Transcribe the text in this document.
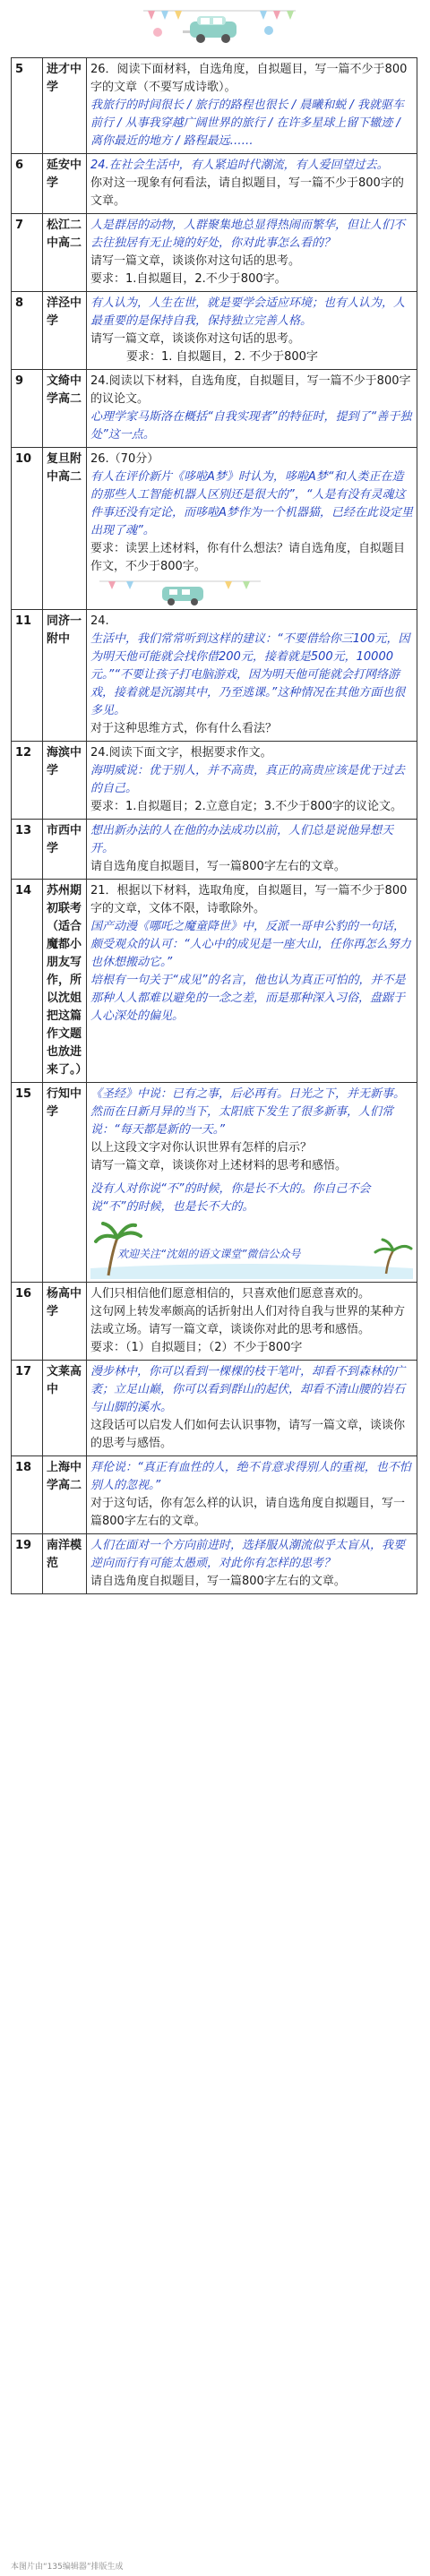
5	进才中学	26．阅读下面材料，自选角度，自拟题目，写一篇不少于800字的文章（不要写成诗歌）。

我旅行的时间很长 / 旅行的路程也很长 / 晨曦和蜕 / 我就驱车前行 / 从事我穿越广阔世界的旅行 / 在许多星球上留下辙迹 / 离你最近的地方 / 路程最远……

6	延安中学	24.在社会生活中，有人紧追时代潮流，有人爱回望过去。

你对这一现象有何看法，请自拟题目，写一篇不少于800字的文章。

7	松江二中高二	人是群居的动物，人群聚集地总显得热闹而繁华，但让人们不去往独居有无止境的好处，你对此事怎么看的？

请写一篇文章，谈谈你对这句话的思考。

要求：1.自拟题目，2.不少于800字。

8	洋泾中学	有人认为，人生在世，就是要学会适应环境；也有人认为，人最重要的是保持自我，保持独立完善人格。

请写一篇文章，谈谈你对这句话的思考。

要求：1. 自拟题目，2. 不少于800字

9	文绮中学高二	24.阅读以下材料，自选角度，自拟题目，写一篇不少于800字的议论文。

心理学家马斯洛在概括“自我实现者”的特征时，提到了“善于独处”这一点。

10	复旦附中高二	26.（70分）

有人在评价新片《哆啦A梦》时认为，哆啦A梦“和人类正在造的那些人工智能机器人区别还是很大的”，“人是有没有灵魂这件事还没有定论，而哆啦A梦作为一个机器猫，已经在此设定里出现了魂”。

要求：读罢上述材料，你有什么想法？请自选角度，自拟题目作文，不少于800字。

11	同济一附中	24.

生活中，我们常常听到这样的建议：“不要借给你三100元，因为明天他可能就会找你借200元，接着就是500元，10000元。”“不要让孩子打电脑游戏，因为明天他可能就会打网络游戏，接着就是沉溺其中，乃至逃课。”这种情况在其他方面也很多见。

对于这种思维方式，你有什么看法？

12	海滨中学	24.阅读下面文字，根据要求作文。

海明威说：优于别人，并不高贵，真正的高贵应该是优于过去的自己。

要求：1.自拟题目；2.立意自定；3.不少于800字的议论文。

13	市西中学	想出新办法的人在他的办法成功以前，人们总是说他异想天开。

请自选角度自拟题目，写一篇800字左右的文章。

14	苏州期初联考（适合魔都小朋友写作，所以沈姐把这篇作文题也放进来了。）	21．根据以下材料，选取角度，自拟题目，写一篇不少于800字的文章，文体不限，诗歌除外。

国产动漫《哪吒之魔童降世》中，反派一哥申公豹的一句话，颇受观众的认可：“人心中的成见是一座大山，任你再怎么努力也休想搬动它。”

培根有一句关于“成见”的名言，他也认为真正可怕的，并不是那种人人都难以避免的一念之差，而是那种深入习俗，盘踞于人心深处的偏见。

15	行知中学	《圣经》中说：已有之事，后必再有。日光之下，并无新事。然而在日新月异的当下，太阳底下发生了很多新事，人们常说：“每天都是新的一天。”

以上这段文字对你认识世界有怎样的启示？

请写一篇文章，谈谈你对上述材料的思考和感悟。

没有人对你说“不”的时候，你是长不大的。你自己不会说“不”的时候，也是长不大的。

欢迎关注“沈姐的语文课堂”微信公众号

16	杨高中学	人们只相信他们愿意相信的，只喜欢他们愿意喜欢的。

这句网上转发率颇高的话折射出人们对待自我与世界的某种方法或立场。请写一篇文章，谈谈你对此的思考和感悟。

要求：（1）自拟题目；（2）不少于800字

17	文莱高中	漫步林中，你可以看到一棵棵的枝干笔叶，却看不到森林的广袤；立足山巅，你可以看到群山的起伏，却看不清山腰的岩石与山脚的溪水。

这段话可以启发人们如何去认识事物，请写一篇文章，谈谈你的思考与感悟。

18	上海中学高二	拜伦说：“真正有血性的人，绝不肯意求得别人的重视，也不怕别人的忽视。”

对于这句话，你有怎么样的认识，请自选角度自拟题目，写一篇800字左右的文章。

19	南洋模范	人们在面对一个方向前进时，选择服从潮流似乎太盲从，我要逆向而行有可能太愚顽，对此你有怎样的思考？

请自选角度自拟题目，写一篇800字左右的文章。

本图片由“135编辑器”排版生成
